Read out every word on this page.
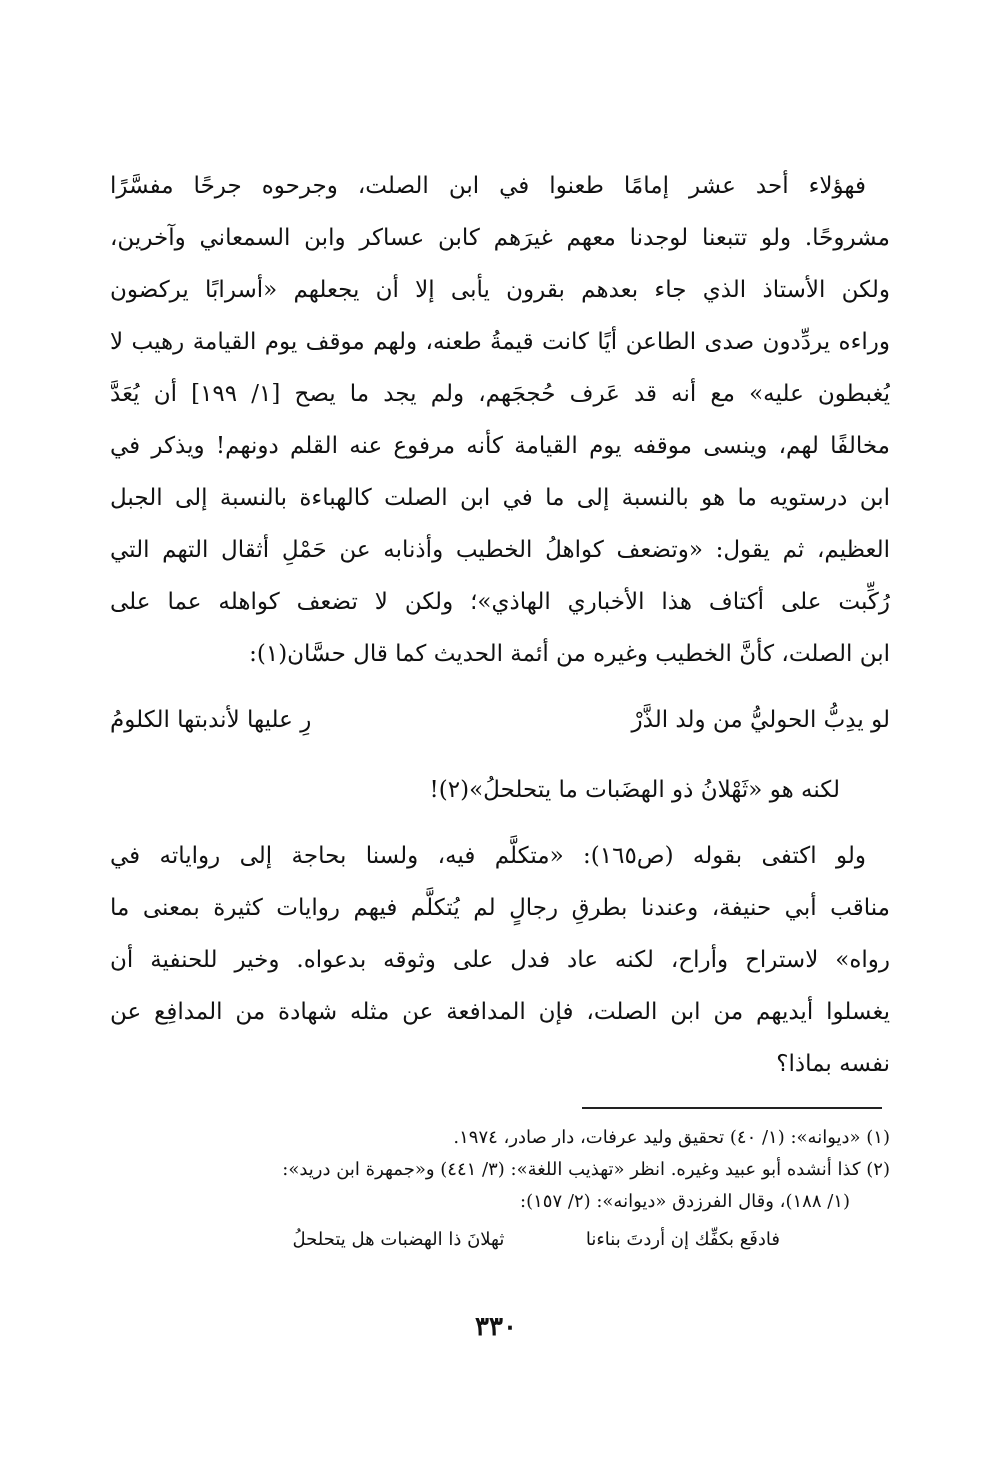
فهؤلاء أحد عشر إمامًا طعنوا في ابن الصلت، وجرحوه جرحًا مفسَّرًا
مشروحًا. ولو تتبعنا لوجدنا معهم غيرَهم كابن عساكر وابن السمعاني وآخرين،
ولكن الأستاذ الذي جاء بعدهم بقرون يأبى إلا أن يجعلهم «أسرابًا يركضون
وراءه يردِّدون صدى الطاعن أيًا كانت قيمةُ طعنه، ولهم موقف يوم القيامة رهيب لا
يُغبطون عليه» مع أنه قد عَرف حُججَهم، ولم يجد ما يصح [١/ ١٩٩] أن يُعَدَّ
مخالفًا لهم، وينسى موقفه يوم القيامة كأنه مرفوع عنه القلم دونهم! ويذكر في
ابن درستويه ما هو بالنسبة إلى ما في ابن الصلت كالهباءة بالنسبة إلى الجبل
العظيم، ثم يقول: «وتضعف كواهلُ الخطيب وأذنابه عن حَمْلِ أثقال التهم التي
رُكِّبت على أكتاف هذا الأخباري الهاذي»؛ ولكن لا تضعف كواهله عما على
ابن الصلت، كأنَّ الخطيب وغيره من أئمة الحديث كما قال حسَّان(١):
لو يدِبُّ الحوليُّ من ولد الذَّرْ
رِ عليها لأندبتها الكلومُ
لكنه هو «ثَهْلانُ ذو الهضَبات ما يتحلحلُ»(٢)!
ولو اكتفى بقوله (ص١٦٥): «متكلَّم فيه، ولسنا بحاجة إلى رواياته في
مناقب أبي حنيفة، وعندنا بطرقِ رجالٍ لم يُتكلَّم فيهم روايات كثيرة بمعنى ما
رواه» لاستراح وأراح، لكنه عاد فدل على وثوقه بدعواه. وخير للحنفية أن
يغسلوا أيديهم من ابن الصلت، فإن المدافعة عن مثله شهادة من المدافِع عن
نفسه بماذا؟
(١) «ديوانه»: (١/ ٤٠) تحقيق وليد عرفات، دار صادر، ١٩٧٤.
(٢) كذا أنشده أبو عبيد وغيره. انظر «تهذيب اللغة»: (٣/ ٤٤١) و«جمهرة ابن دريد»:
(١/ ١٨٨)، وقال الفرزدق «ديوانه»: (٢/ ١٥٧):
فادفَع بكفِّك إن أردتَ بناءنا  ثهلانَ ذا الهضبات هل يتحلحلُ
٣٣٠
